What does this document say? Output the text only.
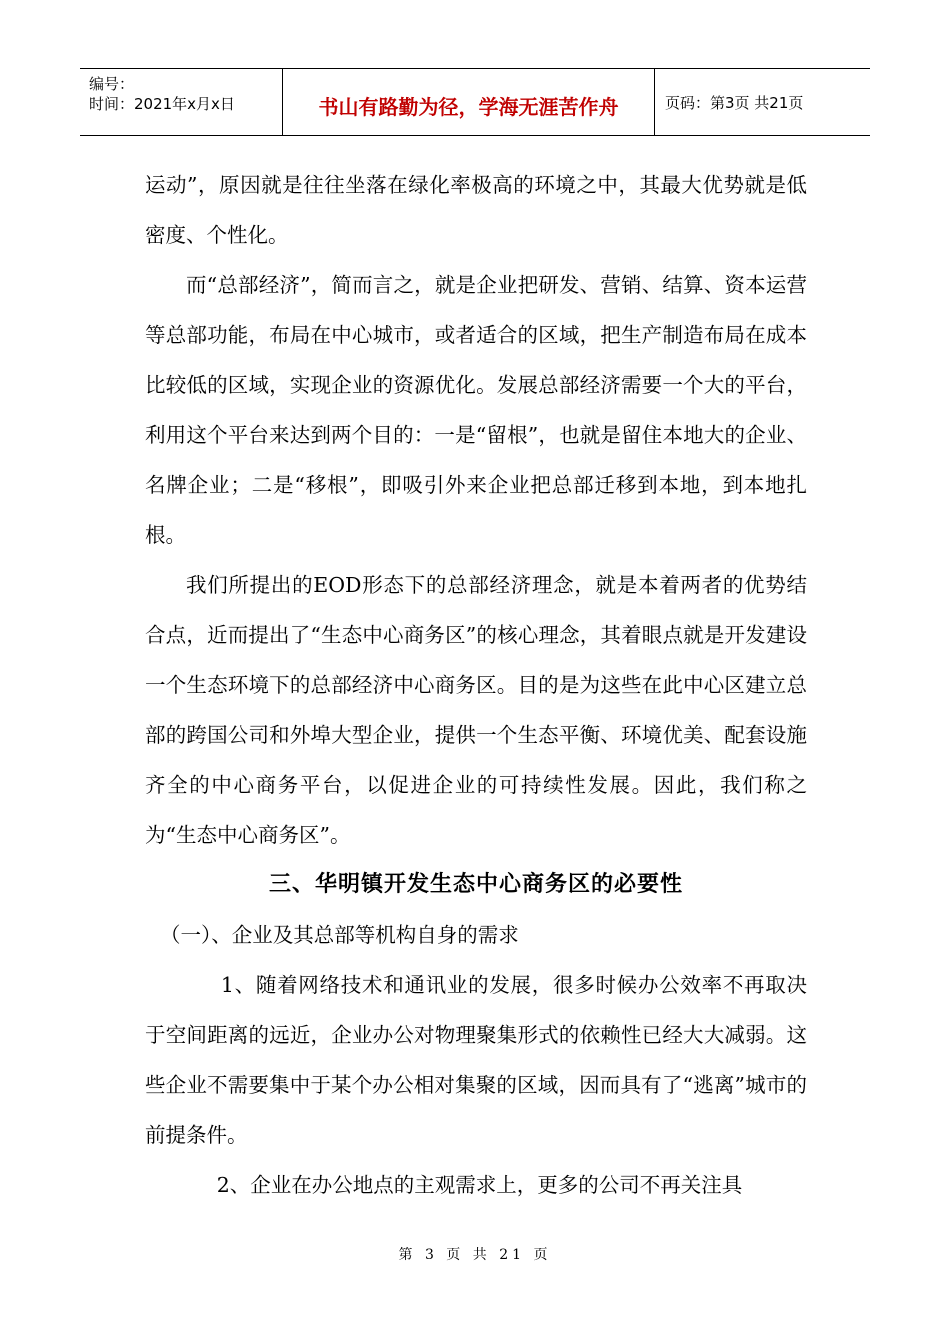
编号：
时间：2021年x月x日	书山有路勤为径，学海无涯苦作舟	页码：第3页 共21页

运动”，原因就是往往坐落在绿化率极高的环境之中，其最大优势就是低密度、个性化。

而“总部经济”，简而言之，就是企业把研发、营销、结算、资本运营等总部功能，布局在中心城市，或者适合的区域，把生产制造布局在成本比较低的区域，实现企业的资源优化。发展总部经济需要一个大的平台，利用这个平台来达到两个目的：一是“留根”，也就是留住本地大的企业、名牌企业；二是“移根”，即吸引外来企业把总部迁移到本地，到本地扎根。

我们所提出的EOD形态下的总部经济理念，就是本着两者的优势结合点，近而提出了“生态中心商务区”的核心理念，其着眼点就是开发建设一个生态环境下的总部经济中心商务区。目的是为这些在此中心区建立总部的跨国公司和外埠大型企业，提供一个生态平衡、环境优美、配套设施齐全的中心商务平台，以促进企业的可持续性发展。因此，我们称之为“生态中心商务区”。

三、华明镇开发生态中心商务区的必要性

（一）、企业及其总部等机构自身的需求

1、随着网络技术和通讯业的发展，很多时候办公效率不再取决于空间距离的远近，企业办公对物理聚集形式的依赖性已经大大减弱。这些企业不需要集中于某个办公相对集聚的区域，因而具有了“逃离”城市的前提条件。

2、企业在办公地点的主观需求上，更多的公司不再关注具

第 3 页 共 21 页
